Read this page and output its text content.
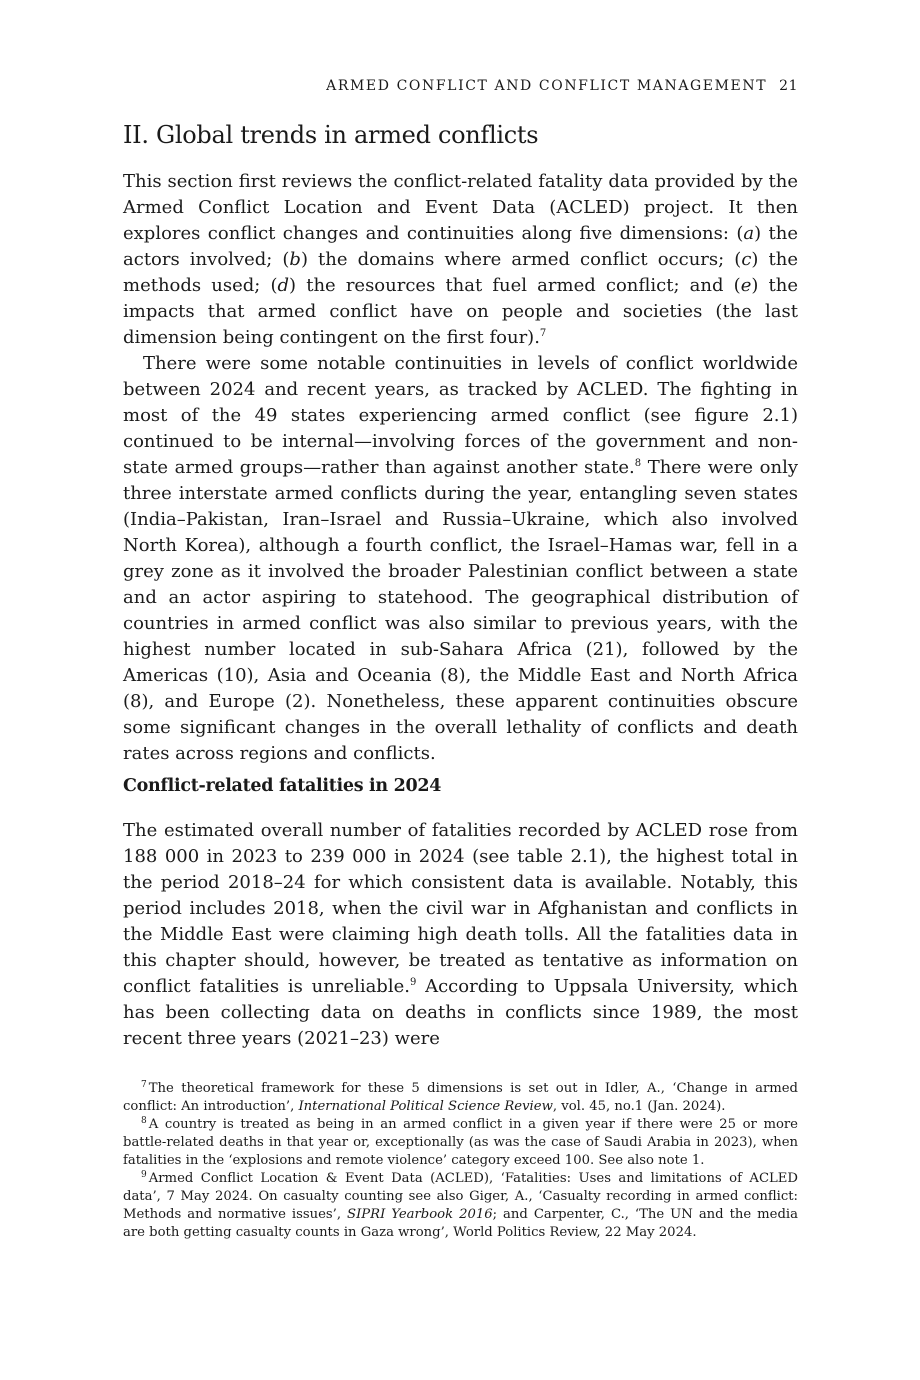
ARMED CONFLICT AND CONFLICT MANAGEMENT 21
II. Global trends in armed conflicts

This section first reviews the conflict-related fatality data provided by the Armed Conflict Location and Event Data (ACLED) project. It then explores conflict changes and continuities along five dimensions: (a) the actors involved; (b) the domains where armed conflict occurs; (c) the methods used; (d) the resources that fuel armed conflict; and (e) the impacts that armed conflict have on people and societies (the last dimension being contingent on the first four).$^7$

There were some notable continuities in levels of conflict worldwide between 2024 and recent years, as tracked by ACLED. The fighting in most of the 49 states experiencing armed conflict (see figure 2.1) continued to be internal—involving forces of the government and non-state armed groups—rather than against another state.$^8$ There were only three interstate armed conflicts during the year, entangling seven states (India–Pakistan, Iran–Israel and Russia–Ukraine, which also involved North Korea), although a fourth conflict, the Israel–Hamas war, fell in a grey zone as it involved the broader Palestinian conflict between a state and an actor aspiring to statehood. The geographical distribution of countries in armed conflict was also similar to previous years, with the highest number located in sub-Sahara Africa (21), followed by the Americas (10), Asia and Oceania (8), the Middle East and North Africa (8), and Europe (2). Nonetheless, these apparent continuities obscure some significant changes in the overall lethality of conflicts and death rates across regions and conflicts.

Conflict-related fatalities in 2024

The estimated overall number of fatalities recorded by ACLED rose from 188 000 in 2023 to 239 000 in 2024 (see table 2.1), the highest total in the period 2018–24 for which consistent data is available. Notably, this period includes 2018, when the civil war in Afghanistan and conflicts in the Middle East were claiming high death tolls. All the fatalities data in this chapter should, however, be treated as tentative as information on conflict fatalities is unreliable.$^9$ According to Uppsala University, which has been collecting data on deaths in conflicts since 1989, the most recent three years (2021–23) were

$^7$ The theoretical framework for these 5 dimensions is set out in Idler, A., ‘Change in armed conflict: An introduction’, International Political Science Review, vol. 45, no.1 (Jan. 2024).

$^8$ A country is treated as being in an armed conflict in a given year if there were 25 or more battle-related deaths in that year or, exceptionally (as was the case of Saudi Arabia in 2023), when fatalities in the ‘explosions and remote violence’ category exceed 100. See also note 1.

$^9$ Armed Conflict Location & Event Data (ACLED), ‘Fatalities: Uses and limitations of ACLED data’, 7 May 2024. On casualty counting see also Giger, A., ‘Casualty recording in armed conflict: Methods and normative issues’, SIPRI Yearbook 2016; and Carpenter, C., ‘The UN and the media are both getting casualty counts in Gaza wrong’, World Politics Review, 22 May 2024.
